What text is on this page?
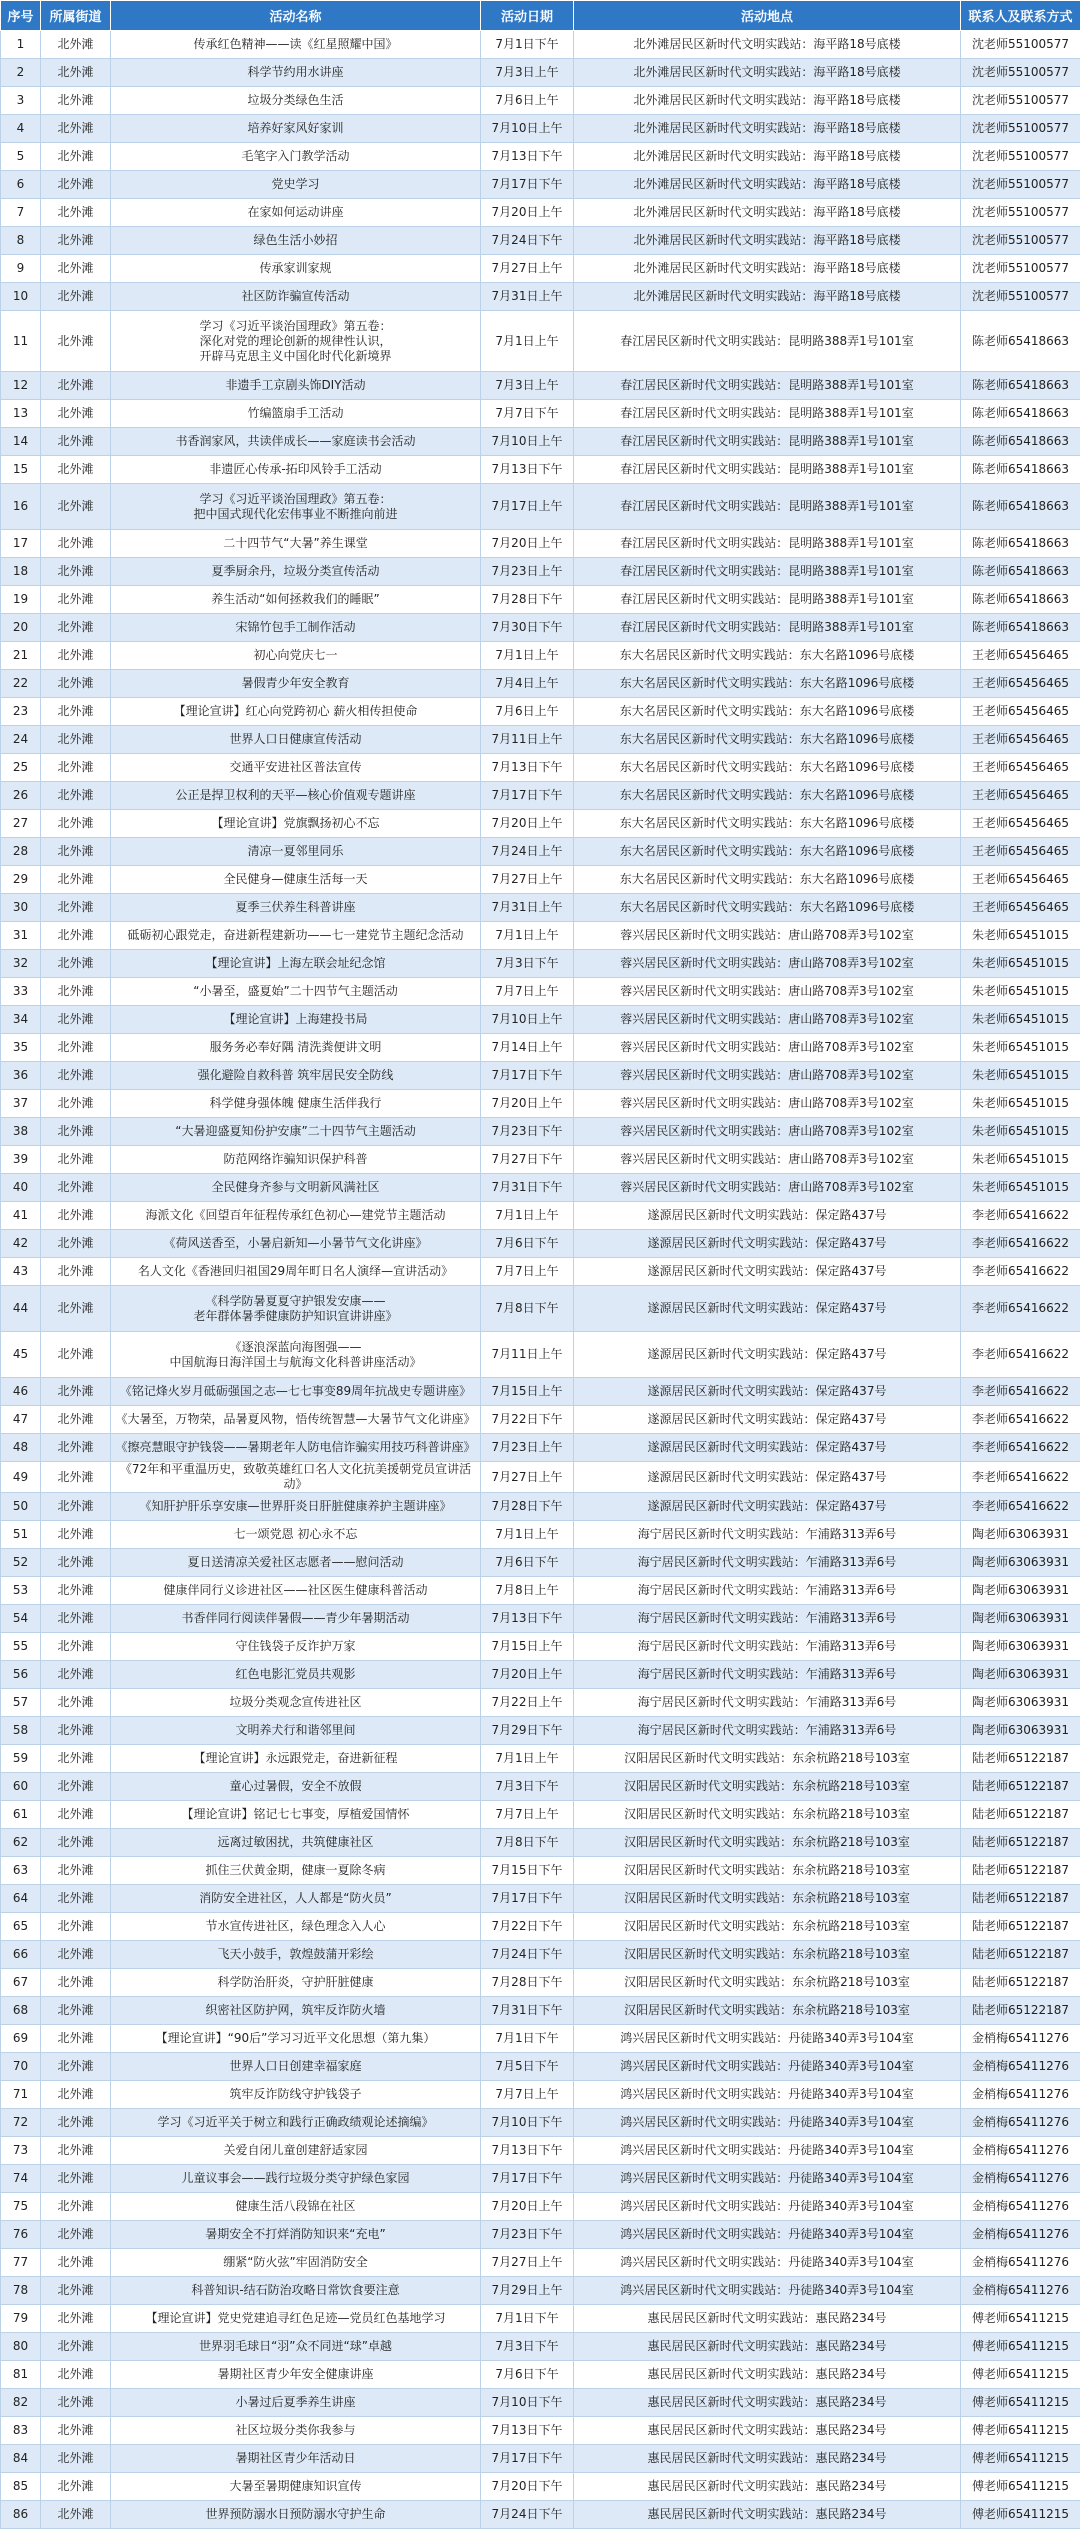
序号	所属街道	活动名称	活动日期	活动地点	联系人及联系方式
1	北外滩	传承红色精神——读《红星照耀中国》	7月1日下午	北外滩居民区新时代文明实践站：海平路18号底楼	沈老师55100577
2	北外滩	科学节约用水讲座	7月3日上午	北外滩居民区新时代文明实践站：海平路18号底楼	沈老师55100577
3	北外滩	垃圾分类绿色生活	7月6日上午	北外滩居民区新时代文明实践站：海平路18号底楼	沈老师55100577
4	北外滩	培养好家风好家训	7月10日上午	北外滩居民区新时代文明实践站：海平路18号底楼	沈老师55100577
5	北外滩	毛笔字入门教学活动	7月13日下午	北外滩居民区新时代文明实践站：海平路18号底楼	沈老师55100577
6	北外滩	党史学习	7月17日下午	北外滩居民区新时代文明实践站：海平路18号底楼	沈老师55100577
7	北外滩	在家如何运动讲座	7月20日上午	北外滩居民区新时代文明实践站：海平路18号底楼	沈老师55100577
8	北外滩	绿色生活小妙招	7月24日下午	北外滩居民区新时代文明实践站：海平路18号底楼	沈老师55100577
9	北外滩	传承家训家规	7月27日上午	北外滩居民区新时代文明实践站：海平路18号底楼	沈老师55100577
10	北外滩	社区防诈骗宣传活动	7月31日上午	北外滩居民区新时代文明实践站：海平路18号底楼	沈老师55100577
11	北外滩	学习《习近平谈治国理政》第五卷：
深化对党的理论创新的规律性认识，
开辟马克思主义中国化时代化新境界	7月1日上午	春江居民区新时代文明实践站：昆明路388弄1号101室	陈老师65418663
12	北外滩	非遗手工京剧头饰DIY活动	7月3日上午	春江居民区新时代文明实践站：昆明路388弄1号101室	陈老师65418663
13	北外滩	竹编篮扇手工活动	7月7日下午	春江居民区新时代文明实践站：昆明路388弄1号101室	陈老师65418663
14	北外滩	书香润家风，共读伴成长——家庭读书会活动	7月10日上午	春江居民区新时代文明实践站：昆明路388弄1号101室	陈老师65418663
15	北外滩	非遗匠心传承-拓印风铃手工活动	7月13日下午	春江居民区新时代文明实践站：昆明路388弄1号101室	陈老师65418663
16	北外滩	学习《习近平谈治国理政》第五卷：
把中国式现代化宏伟事业不断推向前进	7月17日上午	春江居民区新时代文明实践站：昆明路388弄1号101室	陈老师65418663
17	北外滩	二十四节气“大暑”养生课堂	7月20日上午	春江居民区新时代文明实践站：昆明路388弄1号101室	陈老师65418663
18	北外滩	夏季厨余丹，垃圾分类宣传活动	7月23日上午	春江居民区新时代文明实践站：昆明路388弄1号101室	陈老师65418663
19	北外滩	养生活动“如何拯救我们的睡眠”	7月28日下午	春江居民区新时代文明实践站：昆明路388弄1号101室	陈老师65418663
20	北外滩	宋锦竹包手工制作活动	7月30日下午	春江居民区新时代文明实践站：昆明路388弄1号101室	陈老师65418663
21	北外滩	初心向党庆七一	7月1日上午	东大名居民区新时代文明实践站：东大名路1096号底楼	王老师65456465
22	北外滩	暑假青少年安全教育	7月4日上午	东大名居民区新时代文明实践站：东大名路1096号底楼	王老师65456465
23	北外滩	【理论宣讲】红心向党跨初心 薪火相传担使命	7月6日上午	东大名居民区新时代文明实践站：东大名路1096号底楼	王老师65456465
24	北外滩	世界人口日健康宣传活动	7月11日上午	东大名居民区新时代文明实践站：东大名路1096号底楼	王老师65456465
25	北外滩	交通平安进社区普法宣传	7月13日下午	东大名居民区新时代文明实践站：东大名路1096号底楼	王老师65456465
26	北外滩	公正是捍卫权利的天平—核心价值观专题讲座	7月17日下午	东大名居民区新时代文明实践站：东大名路1096号底楼	王老师65456465
27	北外滩	【理论宣讲】党旗飘扬初心不忘	7月20日上午	东大名居民区新时代文明实践站：东大名路1096号底楼	王老师65456465
28	北外滩	清凉一夏邻里同乐	7月24日上午	东大名居民区新时代文明实践站：东大名路1096号底楼	王老师65456465
29	北外滩	全民健身—健康生活每一天	7月27日上午	东大名居民区新时代文明实践站：东大名路1096号底楼	王老师65456465
30	北外滩	夏季三伏养生科普讲座	7月31日上午	东大名居民区新时代文明实践站：东大名路1096号底楼	王老师65456465
31	北外滩	砥砺初心跟党走，奋进新程建新功——七一建党节主题纪念活动	7月1日上午	蓉兴居民区新时代文明实践站：唐山路708弄3号102室	朱老师65451015
32	北外滩	【理论宣讲】上海左联会址纪念馆	7月3日下午	蓉兴居民区新时代文明实践站：唐山路708弄3号102室	朱老师65451015
33	北外滩	“小暑至，盛夏始”二十四节气主题活动	7月7日上午	蓉兴居民区新时代文明实践站：唐山路708弄3号102室	朱老师65451015
34	北外滩	【理论宣讲】上海建投书局	7月10日上午	蓉兴居民区新时代文明实践站：唐山路708弄3号102室	朱老师65451015
35	北外滩	服务务必奉好隅 清洗粪便讲文明	7月14日上午	蓉兴居民区新时代文明实践站：唐山路708弄3号102室	朱老师65451015
36	北外滩	强化避险自救科普 筑牢居民安全防线	7月17日下午	蓉兴居民区新时代文明实践站：唐山路708弄3号102室	朱老师65451015
37	北外滩	科学健身强体魄 健康生活伴我行	7月20日上午	蓉兴居民区新时代文明实践站：唐山路708弄3号102室	朱老师65451015
38	北外滩	“大暑迎盛夏知份护安康”二十四节气主题活动	7月23日下午	蓉兴居民区新时代文明实践站：唐山路708弄3号102室	朱老师65451015
39	北外滩	防范网络诈骗知识保护科普	7月27日下午	蓉兴居民区新时代文明实践站：唐山路708弄3号102室	朱老师65451015
40	北外滩	全民健身齐参与文明新风满社区	7月31日下午	蓉兴居民区新时代文明实践站：唐山路708弄3号102室	朱老师65451015
41	北外滩	海派文化《回望百年征程传承红色初心—建党节主题活动	7月1日上午	遂源居民区新时代文明实践站：保定路437号	李老师65416622
42	北外滩	《荷风送香至，小暑启新知—小暑节气文化讲座》	7月6日下午	遂源居民区新时代文明实践站：保定路437号	李老师65416622
43	北外滩	名人文化《香港回归祖国29周年町日名人演绎—宣讲活动》	7月7日上午	遂源居民区新时代文明实践站：保定路437号	李老师65416622
44	北外滩	《科学防暑夏夏守护银发安康——
老年群体暑季健康防护知识宣讲讲座》	7月8日下午	遂源居民区新时代文明实践站：保定路437号	李老师65416622
45	北外滩	《逐浪深蓝向海图强——
中国航海日海洋国土与航海文化科普讲座活动》	7月11日上午	遂源居民区新时代文明实践站：保定路437号	李老师65416622
46	北外滩	《铭记烽火岁月砥砺强国之志—七七事变89周年抗战史专题讲座》	7月15日上午	遂源居民区新时代文明实践站：保定路437号	李老师65416622
47	北外滩	《大暑至，万物荣，品暑夏风物，悟传统智慧—大暑节气文化讲座》	7月22日下午	遂源居民区新时代文明实践站：保定路437号	李老师65416622
48	北外滩	《擦亮慧眼守护钱袋——暑期老年人防电信诈骗实用技巧科普讲座》	7月23日上午	遂源居民区新时代文明实践站：保定路437号	李老师65416622
49	北外滩	《72年和平重温历史，致敬英雄红口名人文化抗美援朝党员宣讲活动》	7月27日上午	遂源居民区新时代文明实践站：保定路437号	李老师65416622
50	北外滩	《知肝护肝乐享安康—世界肝炎日肝脏健康养护主题讲座》	7月28日下午	遂源居民区新时代文明实践站：保定路437号	李老师65416622
51	北外滩	七一颂党恩 初心永不忘	7月1日上午	海宁居民区新时代文明实践站：乍浦路313弄6号	陶老师63063931
52	北外滩	夏日送清凉关爱社区志愿者——慰问活动	7月6日下午	海宁居民区新时代文明实践站：乍浦路313弄6号	陶老师63063931
53	北外滩	健康伴同行义诊进社区——社区医生健康科普活动	7月8日上午	海宁居民区新时代文明实践站：乍浦路313弄6号	陶老师63063931
54	北外滩	书香伴同行阅读伴暑假——青少年暑期活动	7月13日下午	海宁居民区新时代文明实践站：乍浦路313弄6号	陶老师63063931
55	北外滩	守住钱袋子反诈护万家	7月15日上午	海宁居民区新时代文明实践站：乍浦路313弄6号	陶老师63063931
56	北外滩	红色电影汇党员共观影	7月20日上午	海宁居民区新时代文明实践站：乍浦路313弄6号	陶老师63063931
57	北外滩	垃圾分类观念宣传进社区	7月22日上午	海宁居民区新时代文明实践站：乍浦路313弄6号	陶老师63063931
58	北外滩	文明养犬行和谐邻里间	7月29日下午	海宁居民区新时代文明实践站：乍浦路313弄6号	陶老师63063931
59	北外滩	【理论宣讲】永远跟党走，奋进新征程	7月1日上午	汉阳居民区新时代文明实践站：东余杭路218号103室	陆老师65122187
60	北外滩	童心过暑假，安全不放假	7月3日下午	汉阳居民区新时代文明实践站：东余杭路218号103室	陆老师65122187
61	北外滩	【理论宣讲】铭记七七事变，厚植爱国情怀	7月7日上午	汉阳居民区新时代文明实践站：东余杭路218号103室	陆老师65122187
62	北外滩	远离过敏困扰，共筑健康社区	7月8日下午	汉阳居民区新时代文明实践站：东余杭路218号103室	陆老师65122187
63	北外滩	抓住三伏黄金期，健康一夏除冬病	7月15日下午	汉阳居民区新时代文明实践站：东余杭路218号103室	陆老师65122187
64	北外滩	消防安全进社区，人人都是“防火员”	7月17日下午	汉阳居民区新时代文明实践站：东余杭路218号103室	陆老师65122187
65	北外滩	节水宣传进社区，绿色理念入人心	7月22日下午	汉阳居民区新时代文明实践站：东余杭路218号103室	陆老师65122187
66	北外滩	飞天小鼓手，敦煌鼓蒲开彩绘	7月24日下午	汉阳居民区新时代文明实践站：东余杭路218号103室	陆老师65122187
67	北外滩	科学防治肝炎，守护肝脏健康	7月28日下午	汉阳居民区新时代文明实践站：东余杭路218号103室	陆老师65122187
68	北外滩	织密社区防护网，筑牢反诈防火墙	7月31日下午	汉阳居民区新时代文明实践站：东余杭路218号103室	陆老师65122187
69	北外滩	【理论宣讲】“90后”学习习近平文化思想（第九集）	7月1日下午	鸿兴居民区新时代文明实践站：丹徒路340弄3号104室	金梢梅65411276
70	北外滩	世界人口日创建幸福家庭	7月5日下午	鸿兴居民区新时代文明实践站：丹徒路340弄3号104室	金梢梅65411276
71	北外滩	筑牢反诈防线守护钱袋子	7月7日上午	鸿兴居民区新时代文明实践站：丹徒路340弄3号104室	金梢梅65411276
72	北外滩	学习《习近平关于树立和践行正确政绩观论述摘编》	7月10日下午	鸿兴居民区新时代文明实践站：丹徒路340弄3号104室	金梢梅65411276
73	北外滩	关爱自闭儿童创建舒适家园	7月13日下午	鸿兴居民区新时代文明实践站：丹徒路340弄3号104室	金梢梅65411276
74	北外滩	儿童议事会——践行垃圾分类守护绿色家园	7月17日下午	鸿兴居民区新时代文明实践站：丹徒路340弄3号104室	金梢梅65411276
75	北外滩	健康生活八段锦在社区	7月20日上午	鸿兴居民区新时代文明实践站：丹徒路340弄3号104室	金梢梅65411276
76	北外滩	暑期安全不打烊消防知识来“充电”	7月23日下午	鸿兴居民区新时代文明实践站：丹徒路340弄3号104室	金梢梅65411276
77	北外滩	绷紧“防火弦”牢固消防安全	7月27日上午	鸿兴居民区新时代文明实践站：丹徒路340弄3号104室	金梢梅65411276
78	北外滩	科普知识-结石防治攻略日常饮食要注意	7月29日上午	鸿兴居民区新时代文明实践站：丹徒路340弄3号104室	金梢梅65411276
79	北外滩	【理论宣讲】党史党建追寻红色足迹—党员红色基地学习	7月1日下午	惠民居民区新时代文明实践站：惠民路234号	傅老师65411215
80	北外滩	世界羽毛球日“羽”众不同迸“球”卓越	7月3日下午	惠民居民区新时代文明实践站：惠民路234号	傅老师65411215
81	北外滩	暑期社区青少年安全健康讲座	7月6日下午	惠民居民区新时代文明实践站：惠民路234号	傅老师65411215
82	北外滩	小暑过后夏季养生讲座	7月10日下午	惠民居民区新时代文明实践站：惠民路234号	傅老师65411215
83	北外滩	社区垃圾分类你我参与	7月13日下午	惠民居民区新时代文明实践站：惠民路234号	傅老师65411215
84	北外滩	暑期社区青少年活动日	7月17日下午	惠民居民区新时代文明实践站：惠民路234号	傅老师65411215
85	北外滩	大暑至暑期健康知识宣传	7月20日下午	惠民居民区新时代文明实践站：惠民路234号	傅老师65411215
86	北外滩	世界预防溺水日预防溺水守护生命	7月24日下午	惠民居民区新时代文明实践站：惠民路234号	傅老师65411215
